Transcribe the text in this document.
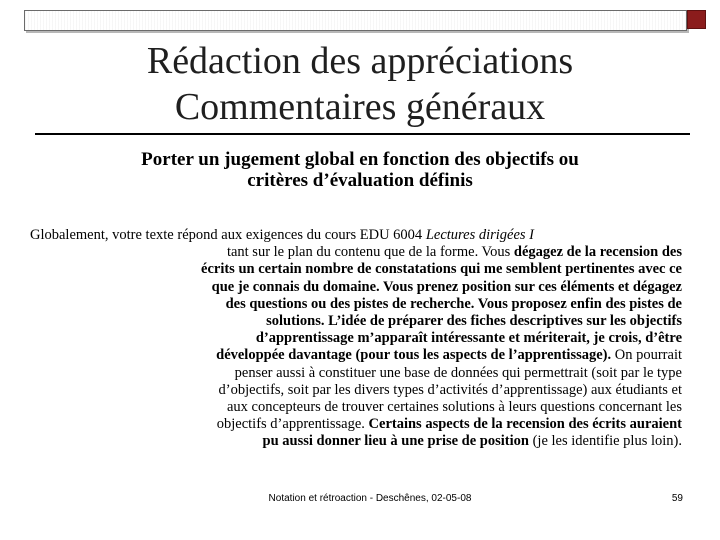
Rédaction des appréciations
Commentaires généraux
Porter un jugement global en fonction des objectifs ou
critères d’évaluation définis
Globalement, votre texte répond aux exigences du cours EDU 6004 Lectures dirigées I
tant sur le plan du contenu que de la forme. Vous dégagez de la recension des
écrits un certain nombre de constatations qui me semblent pertinentes avec ce
que je connais du domaine. Vous prenez position sur ces éléments et dégagez
des questions ou des pistes de recherche. Vous proposez enfin des pistes de
solutions. L’idée de préparer des fiches descriptives sur les objectifs
d’apprentissage m’apparaît intéressante et mériterait, je crois, d’être
développée davantage (pour tous les aspects de l’apprentissage). On pourrait
penser aussi à constituer une base de données qui permettrait (soit par le type
d’objectifs, soit par les divers types d’activités d’apprentissage) aux étudiants et
aux concepteurs de trouver certaines solutions à leurs questions concernant les
objectifs d’apprentissage. Certains aspects de la recension des écrits auraient
pu aussi donner lieu à une prise de position (je les identifie plus loin).
Notation et rétroaction - Deschênes, 02-05-08	59
